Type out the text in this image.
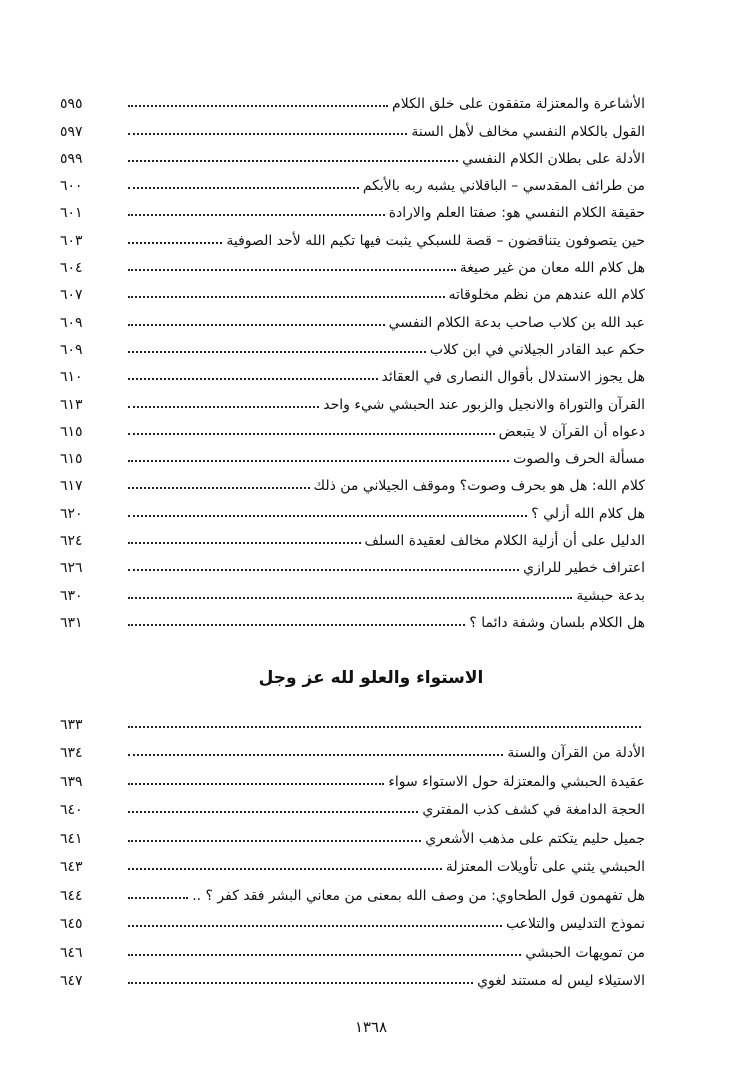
الأشاعرة والمعتزلة متفقون على خلق الكلام
٥٩٥
القول بالكلام النفسي مخالف لأهل السنة
٥٩٧
الأدلة على بطلان الكلام النفسي
٥٩٩
من طرائف المقدسي – الباقلاني يشبه ربه بالأبكم
٦٠٠
حقيقة الكلام النفسي هو: صفتا العلم والارادة
٦٠١
حين يتصوفون يتناقضون – قصة للسبكي يثبت فيها تكيم الله لأحد الصوفية
٦٠٣
هل كلام الله معان من غير صيغة
٦٠٤
كلام الله عندهم من نظم مخلوقاته
٦٠٧
عبد الله بن كلاب صاحب بدعة الكلام النفسي
٦٠٩
حكم عبد القادر الجيلاني في ابن كلاب
٦٠٩
هل يجوز الاستدلال بأقوال النصارى في العقائد
٦١٠
القرآن والتوراة والانجيل والزبور عند الحبشي شيء واحد
٦١٣
دعواه أن القرآن لا يتبعض
٦١٥
مسألة الحرف والصوت
٦١٥
كلام الله: هل هو بحرف وصوت؟ وموقف الجيلاني من ذلك
٦١٧
هل كلام الله أزلي ؟
٦٢٠
الدليل على أن أزلية الكلام مخالف لعقيدة السلف
٦٢٤
اعتراف خطير للرازي
٦٢٦
بدعة حبشية
٦٣٠
هل الكلام بلسان وشفة دائما ؟
٦٣١
الاستواء والعلو لله عز وجل
٦٣٣
الأدلة من القرآن والسنة
٦٣٤
عقيدة الحبشي والمعتزلة حول الاستواء سواء
٦٣٩
الحجة الدامغة في كشف كذب المفتري
٦٤٠
جميل حليم يتكتم على مذهب الأشعري
٦٤١
الحبشي يثني على تأويلات المعتزلة
٦٤٣
هل تفهمون قول الطحاوي: من وصف الله بمعنى من معاني البشر فقد كفر ؟ ..
٦٤٤
نموذج التدليس والتلاعب
٦٤٥
من تمويهات الحبشي
٦٤٦
الاستيلاء ليس له مستند لغوي
٦٤٧
١٣٦٨
